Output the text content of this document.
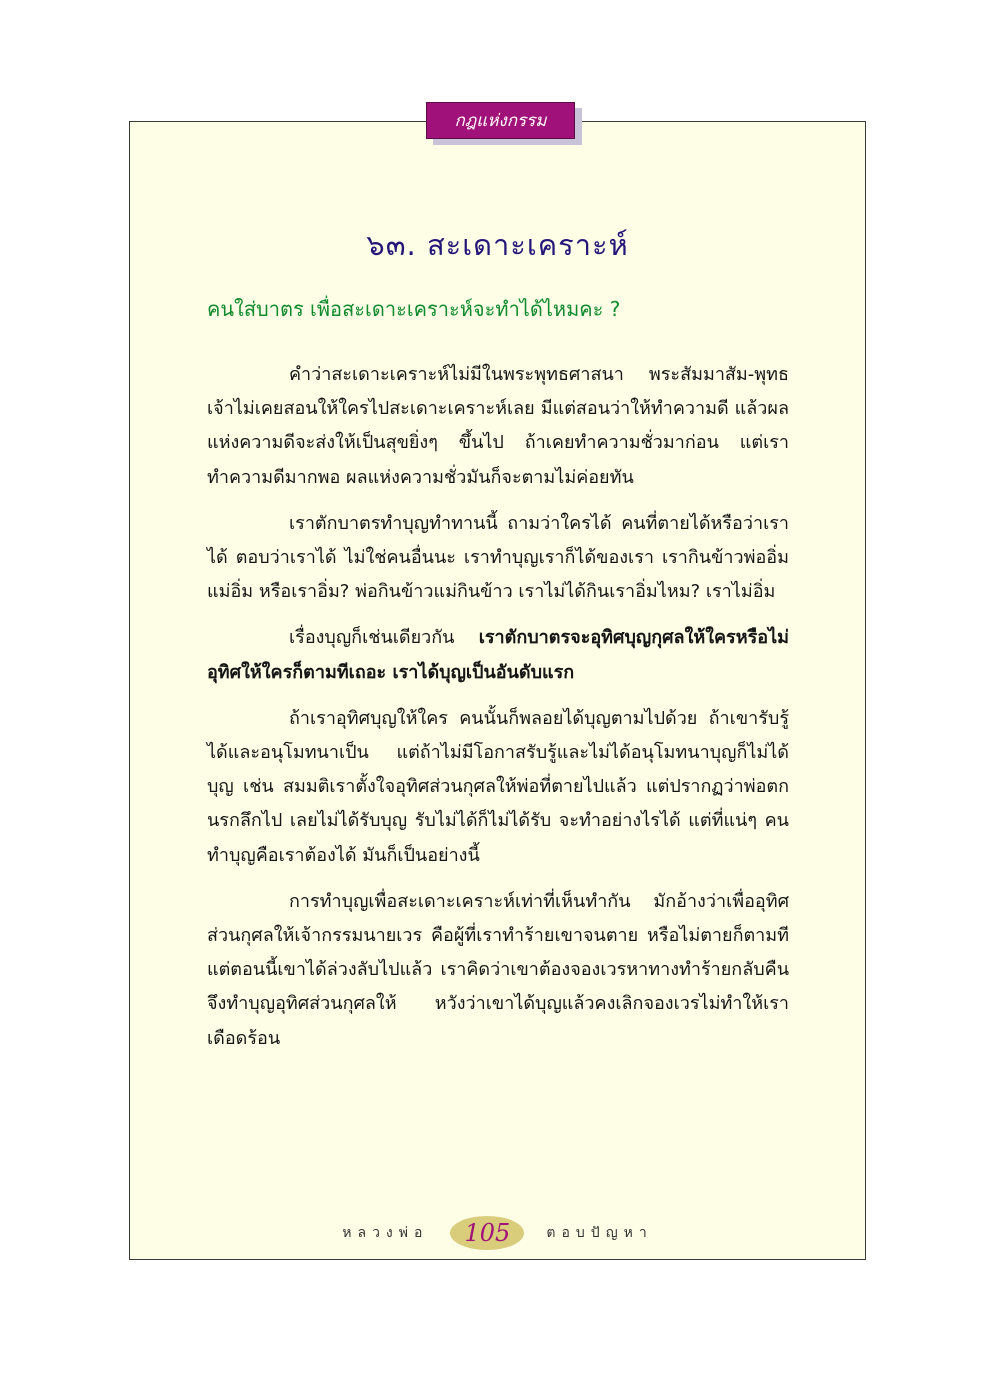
กฎแห่งกรรม
๖๓. สะเดาะเคราะห์
คนใส่บาตร เพื่อสะเดาะเคราะห์จะทำได้ไหมคะ ?

คำว่าสะเดาะเคราะห์ไม่มีในพระพุทธศาสนา พระสัมมาสัม-พุทธเจ้าไม่เคยสอนให้ใครไปสะเดาะเคราะห์เลย มีแต่สอนว่าให้ทำความดี แล้วผลแห่งความดีจะส่งให้เป็นสุขยิ่งๆ ขึ้นไป ถ้าเคยทำความชั่วมาก่อน แต่เราทำความดีมากพอ ผลแห่งความชั่วมันก็จะตามไม่ค่อยทัน

เราตักบาตรทำบุญทำทานนี้ ถามว่าใครได้ คนที่ตายได้หรือว่าเราได้ ตอบว่าเราได้ ไม่ใช่คนอื่นนะ เราทำบุญเราก็ได้ของเรา เรากินข้าวพ่ออิ่ม แม่อิ่ม หรือเราอิ่ม? พ่อกินข้าวแม่กินข้าว เราไม่ได้กินเราอิ่มไหม? เราไม่อิ่ม

เรื่องบุญก็เช่นเดียวกัน เราตักบาตรจะอุทิศบุญกุศลให้ใครหรือไม่อุทิศให้ใครก็ตามทีเถอะ เราได้บุญเป็นอันดับแรก

ถ้าเราอุทิศบุญให้ใคร คนนั้นก็พลอยได้บุญตามไปด้วย ถ้าเขารับรู้ได้และอนุโมทนาเป็น แต่ถ้าไม่มีโอกาสรับรู้และไม่ได้อนุโมทนาบุญก็ไม่ได้บุญ เช่น สมมติเราตั้งใจอุทิศส่วนกุศลให้พ่อที่ตายไปแล้ว แต่ปรากฏว่าพ่อตกนรกลึกไป เลยไม่ได้รับบุญ รับไม่ได้ก็ไม่ได้รับ จะทำอย่างไรได้ แต่ที่แน่ๆ คนทำบุญคือเราต้องได้ มันก็เป็นอย่างนี้

การทำบุญเพื่อสะเดาะเคราะห์เท่าที่เห็นทำกัน มักอ้างว่าเพื่ออุทิศส่วนกุศลให้เจ้ากรรมนายเวร คือผู้ที่เราทำร้ายเขาจนตาย หรือไม่ตายก็ตามที แต่ตอนนี้เขาได้ล่วงลับไปแล้ว เราคิดว่าเขาต้องจองเวรหาทางทำร้ายกลับคืน จึงทำบุญอุทิศส่วนกุศลให้ หวังว่าเขาได้บุญแล้วคงเลิกจองเวรไม่ทำให้เราเดือดร้อน

หลวงพ่อ	105	ตอบปัญหา
